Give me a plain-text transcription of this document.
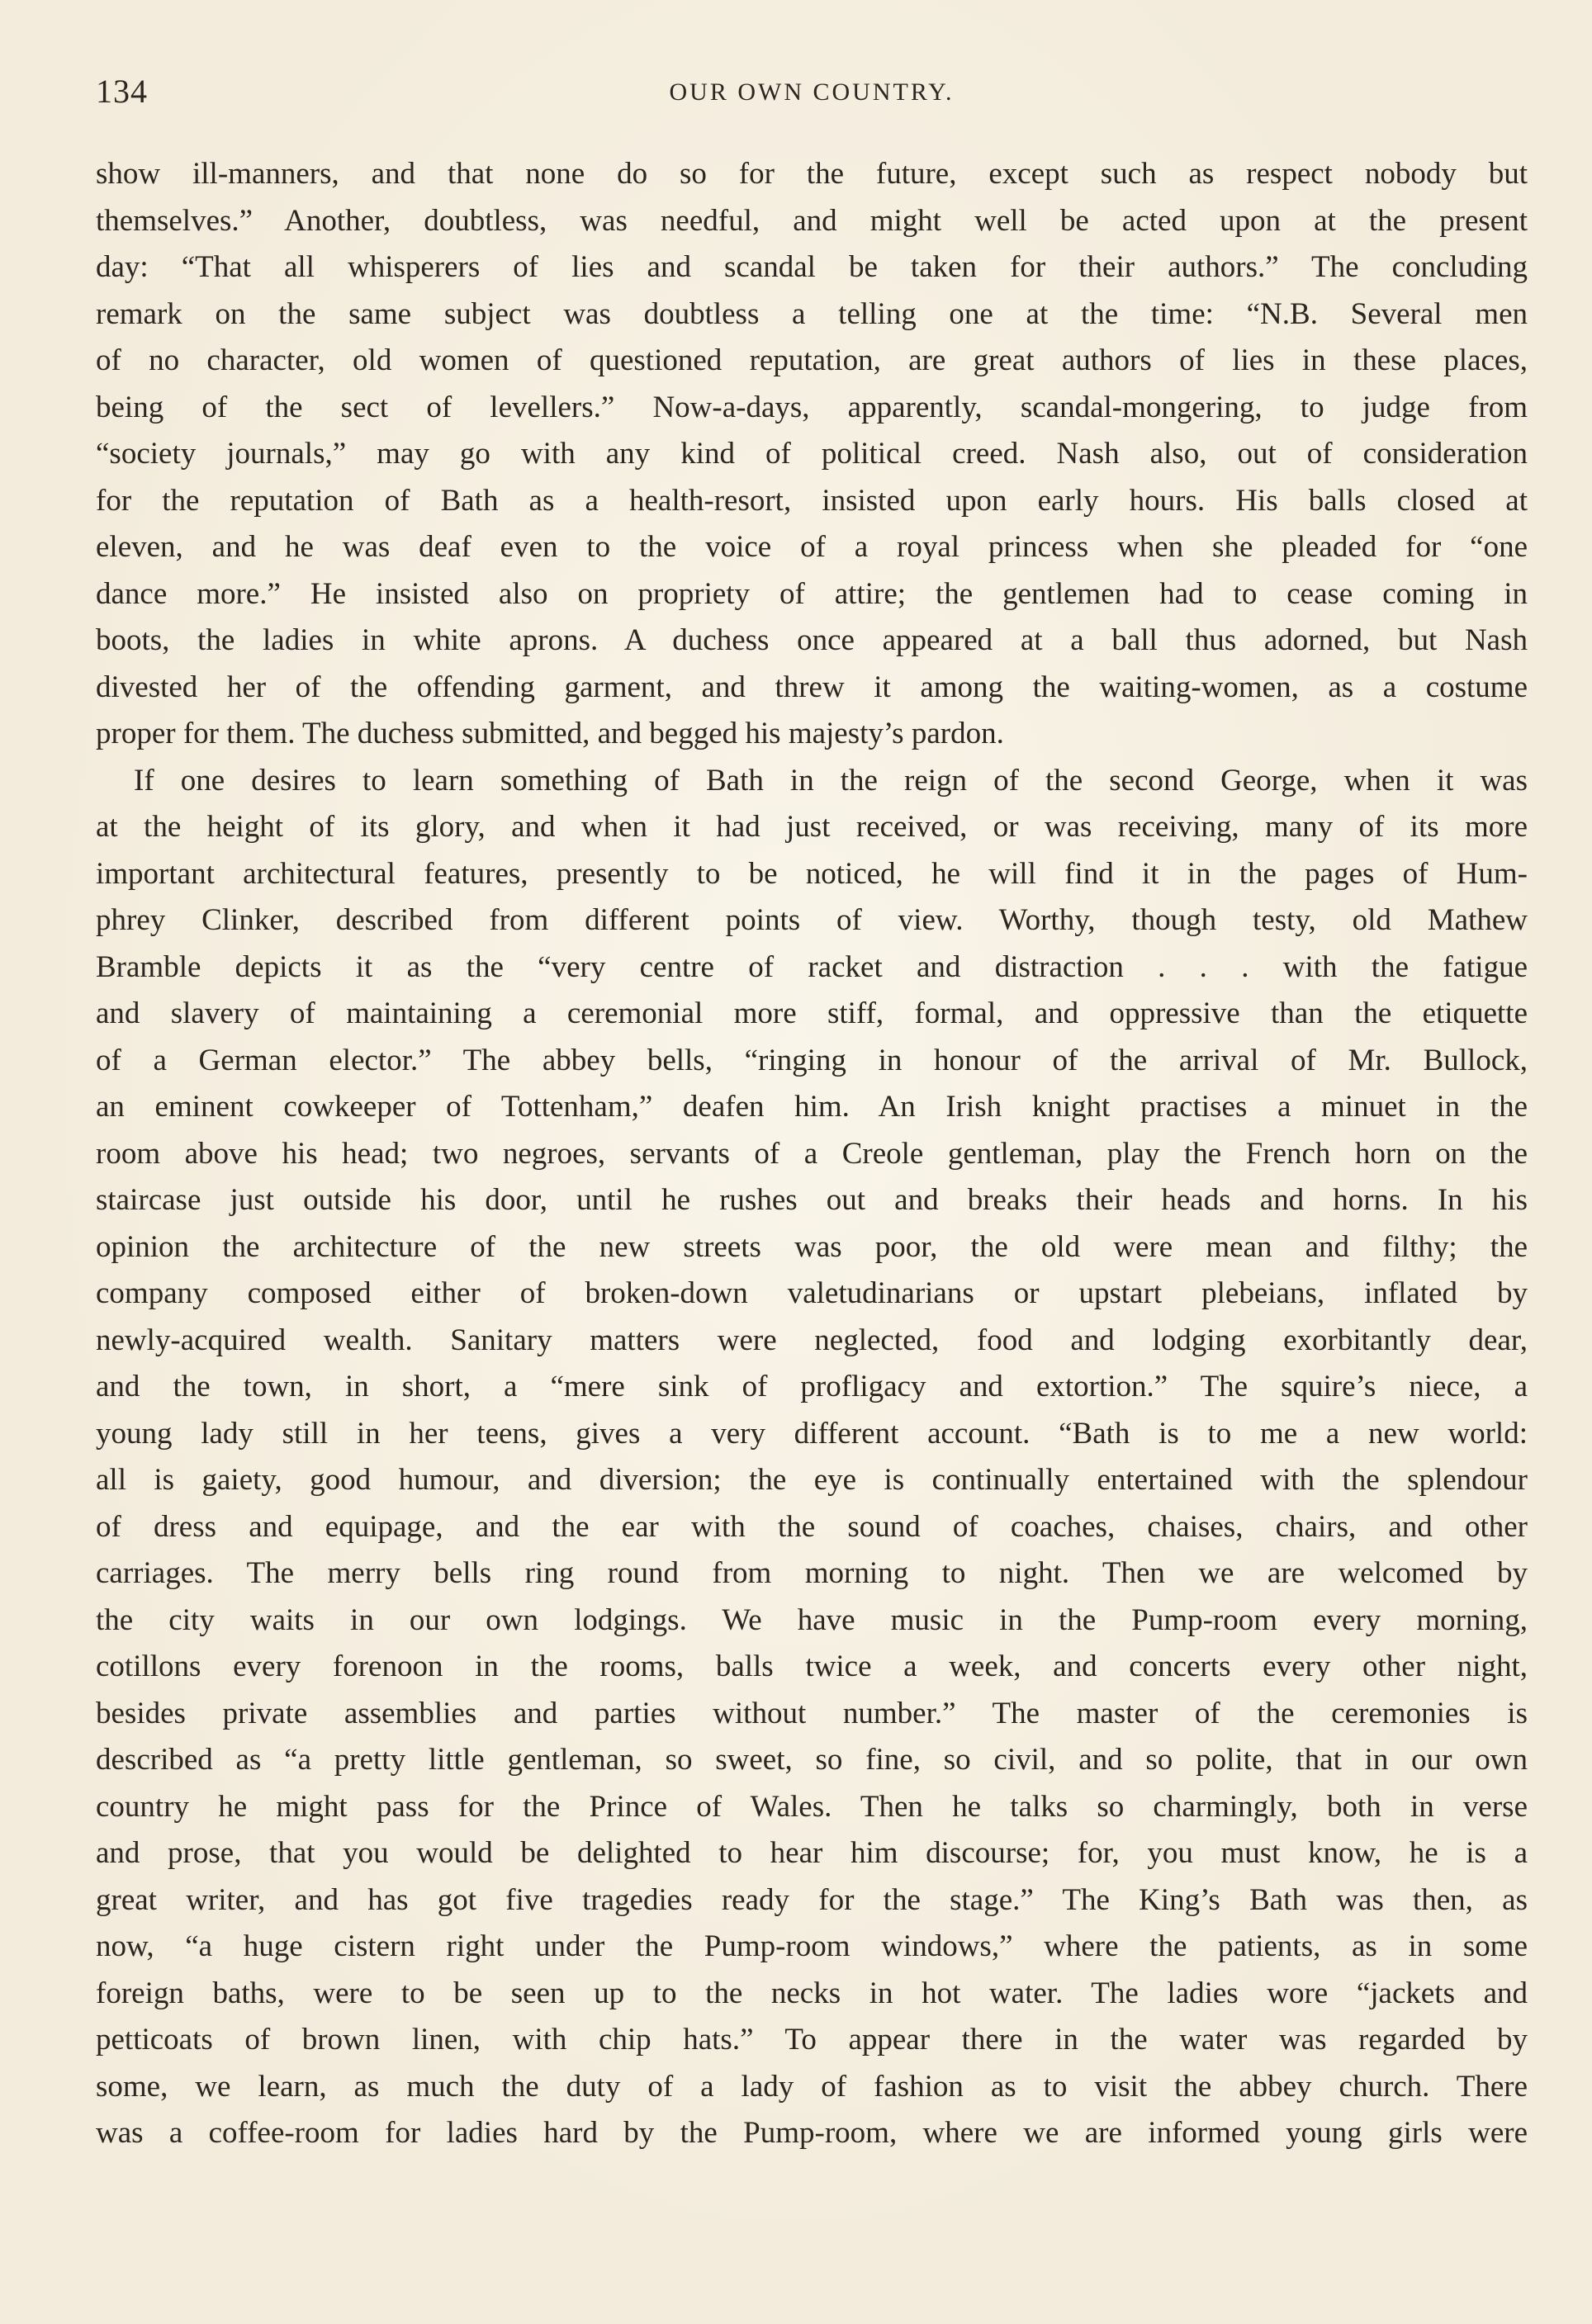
134	OUR OWN COUNTRY.
show ill-manners, and that none do so for the future, except such as respect nobody but
themselves.” Another, doubtless, was needful, and might well be acted upon at the present
day: “That all whisperers of lies and scandal be taken for their authors.” The concluding
remark on the same subject was doubtless a telling one at the time: “N.B. Several men
of no character, old women of questioned reputation, are great authors of lies in these places,
being of the sect of levellers.” Now-a-days, apparently, scandal-mongering, to judge from
“society journals,” may go with any kind of political creed. Nash also, out of consideration
for the reputation of Bath as a health-resort, insisted upon early hours. His balls closed at
eleven, and he was deaf even to the voice of a royal princess when she pleaded for “one
dance more.” He insisted also on propriety of attire; the gentlemen had to cease coming in
boots, the ladies in white aprons. A duchess once appeared at a ball thus adorned, but Nash
divested her of the offending garment, and threw it among the waiting-women, as a costume
proper for them. The duchess submitted, and begged his majesty’s pardon.
If one desires to learn something of Bath in the reign of the second George, when it was
at the height of its glory, and when it had just received, or was receiving, many of its more
important architectural features, presently to be noticed, he will find it in the pages of Hum-
phrey Clinker, described from different points of view. Worthy, though testy, old Mathew
Bramble depicts it as the “very centre of racket and distraction . . . with the fatigue
and slavery of maintaining a ceremonial more stiff, formal, and oppressive than the etiquette
of a German elector.” The abbey bells, “ringing in honour of the arrival of Mr. Bullock,
an eminent cowkeeper of Tottenham,” deafen him. An Irish knight practises a minuet in the
room above his head; two negroes, servants of a Creole gentleman, play the French horn on the
staircase just outside his door, until he rushes out and breaks their heads and horns. In his
opinion the architecture of the new streets was poor, the old were mean and filthy; the
company composed either of broken-down valetudinarians or upstart plebeians, inflated by
newly-acquired wealth. Sanitary matters were neglected, food and lodging exorbitantly dear,
and the town, in short, a “mere sink of profligacy and extortion.” The squire’s niece, a
young lady still in her teens, gives a very different account. “Bath is to me a new world:
all is gaiety, good humour, and diversion; the eye is continually entertained with the splendour
of dress and equipage, and the ear with the sound of coaches, chaises, chairs, and other
carriages. The merry bells ring round from morning to night. Then we are welcomed by
the city waits in our own lodgings. We have music in the Pump-room every morning,
cotillons every forenoon in the rooms, balls twice a week, and concerts every other night,
besides private assemblies and parties without number.” The master of the ceremonies is
described as “a pretty little gentleman, so sweet, so fine, so civil, and so polite, that in our own
country he might pass for the Prince of Wales. Then he talks so charmingly, both in verse
and prose, that you would be delighted to hear him discourse; for, you must know, he is a
great writer, and has got five tragedies ready for the stage.” The King’s Bath was then, as
now, “a huge cistern right under the Pump-room windows,” where the patients, as in some
foreign baths, were to be seen up to the necks in hot water. The ladies wore “jackets and
petticoats of brown linen, with chip hats.” To appear there in the water was regarded by
some, we learn, as much the duty of a lady of fashion as to visit the abbey church. There
was a coffee-room for ladies hard by the Pump-room, where we are informed young girls were
